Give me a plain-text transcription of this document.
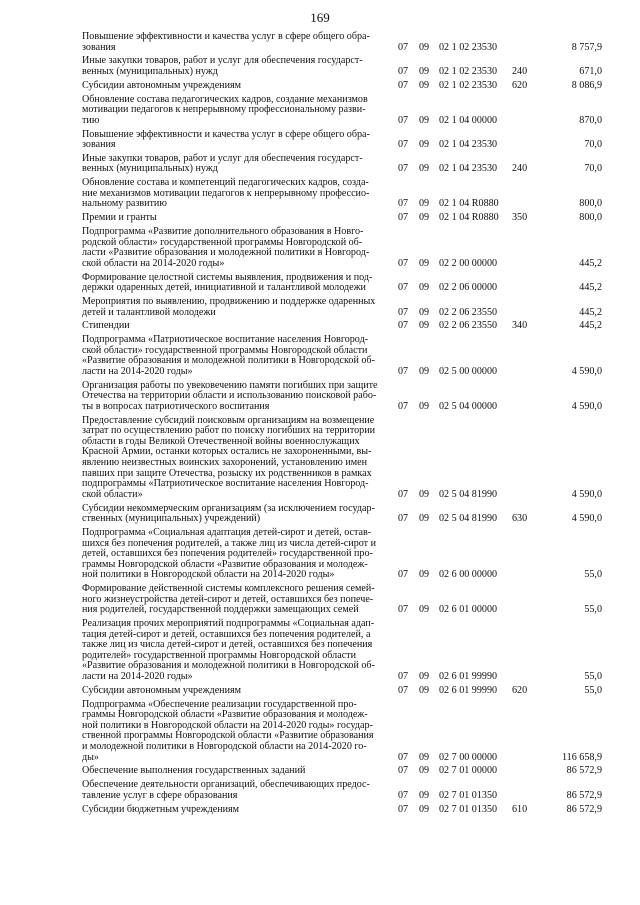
169
Повышение эффективности и качества услуг в сфере общего обра-
зования	07 09 02 1 02 23530	8 757,9
Иные закупки товаров, работ и услуг для обеспечения государст-
венных (муниципальных) нужд	07 09 02 1 02 23530 240	671,0
Субсидии автономным учреждениям	07 09 02 1 02 23530 620	8 086,9
Обновление состава педагогических кадров, создание механизмов
мотивации педагогов к непрерывному профессиональному разви-
тию	07 09 02 1 04 00000	870,0
Повышение эффективности и качества услуг в сфере общего обра-
зования	07 09 02 1 04 23530	70,0
Иные закупки товаров, работ и услуг для обеспечения государст-
венных (муниципальных) нужд	07 09 02 1 04 23530 240	70,0
Обновление состава и компетенций педагогических кадров, созда-
ние механизмов мотивации педагогов к непрерывному профессио-
нальному развитию	07 09 02 1 04 R0880	800,0
Премии и гранты	07 09 02 1 04 R0880 350	800,0
Подпрограмма «Развитие дополнительного образования в Новго-
родской области» государственной программы Новгородской об-
ласти «Развитие образования и молодежной политики в Новгород-
ской области на 2014-2020 годы»	07 09 02 2 00 00000	445,2
Формирование целостной системы выявления, продвижения и под-
держки одаренных детей, инициативной и талантливой молодежи	07 09 02 2 06 00000	445,2
Мероприятия по выявлению, продвижению и поддержке одаренных
детей и талантливой молодежи	07 09 02 2 06 23550	445,2
Стипендии	07 09 02 2 06 23550 340	445,2
Подпрограмма «Патриотическое воспитание населения Новгород-
ской области» государственной программы Новгородской области
«Развитие образования и молодежной политики в Новгородской об-
ласти на 2014-2020 годы»	07 09 02 5 00 00000	4 590,0
Организация работы по увековечению памяти погибших при защите
Отечества на территории области и использованию поисковой рабо-
ты в вопросах патриотического воспитания	07 09 02 5 04 00000	4 590,0
Предоставление субсидий поисковым организациям на возмещение
затрат по осуществлению работ по поиску погибших на территории
области в годы Великой Отечественной войны военнослужащих
Красной Армии, останки которых остались не захороненными, вы-
явлению неизвестных воинских захоронений, установлению имен
павших при защите Отечества, розыску их родственников в рамках
подпрограммы «Патриотическое воспитание населения Новгород-
ской области»	07 09 02 5 04 81990	4 590,0
Субсидии некоммерческим организациям (за исключением государ-
ственных (муниципальных) учреждений)	07 09 02 5 04 81990 630	4 590,0
Подпрограмма «Социальная адаптация детей-сирот и детей, остав-
шихся без попечения родителей, а также лиц из числа детей-сирот и
детей, оставшихся без попечения родителей» государственной про-
граммы Новгородской области «Развитие образования и молодеж-
ной политики в Новгородской области на 2014-2020 годы»	07 09 02 6 00 00000	55,0
Формирование действенной системы комплексного решения семей-
ного жизнеустройства детей-сирот и детей, оставшихся без попече-
ния родителей, государственной поддержки замещающих семей	07 09 02 6 01 00000	55,0
Реализация прочих мероприятий подпрограммы «Социальная адап-
тация детей-сирот и детей, оставшихся без попечения родителей, а
также лиц из числа детей-сирот и детей, оставшихся без попечения
родителей» государственной программы Новгородской области
«Развитие образования и молодежной политики в Новгородской об-
ласти на 2014-2020 годы»	07 09 02 6 01 99990	55,0
Субсидии автономным учреждениям	07 09 02 6 01 99990 620	55,0
Подпрограмма «Обеспечение реализации государственной про-
граммы Новгородской области «Развитие образования и молодеж-
ной политики в Новгородской области на 2014-2020 годы» государ-
ственной программы Новгородской области «Развитие образования
и молодежной политики в Новгородской области на 2014-2020 го-
ды»	07 09 02 7 00 00000	116 658,9
Обеспечение выполнения государственных заданий	07 09 02 7 01 00000	86 572,9
Обеспечение деятельности организаций, обеспечивающих предос-
тавление услуг в сфере образования	07 09 02 7 01 01350	86 572,9
Субсидии бюджетным учреждениям	07 09 02 7 01 01350 610	86 572,9
